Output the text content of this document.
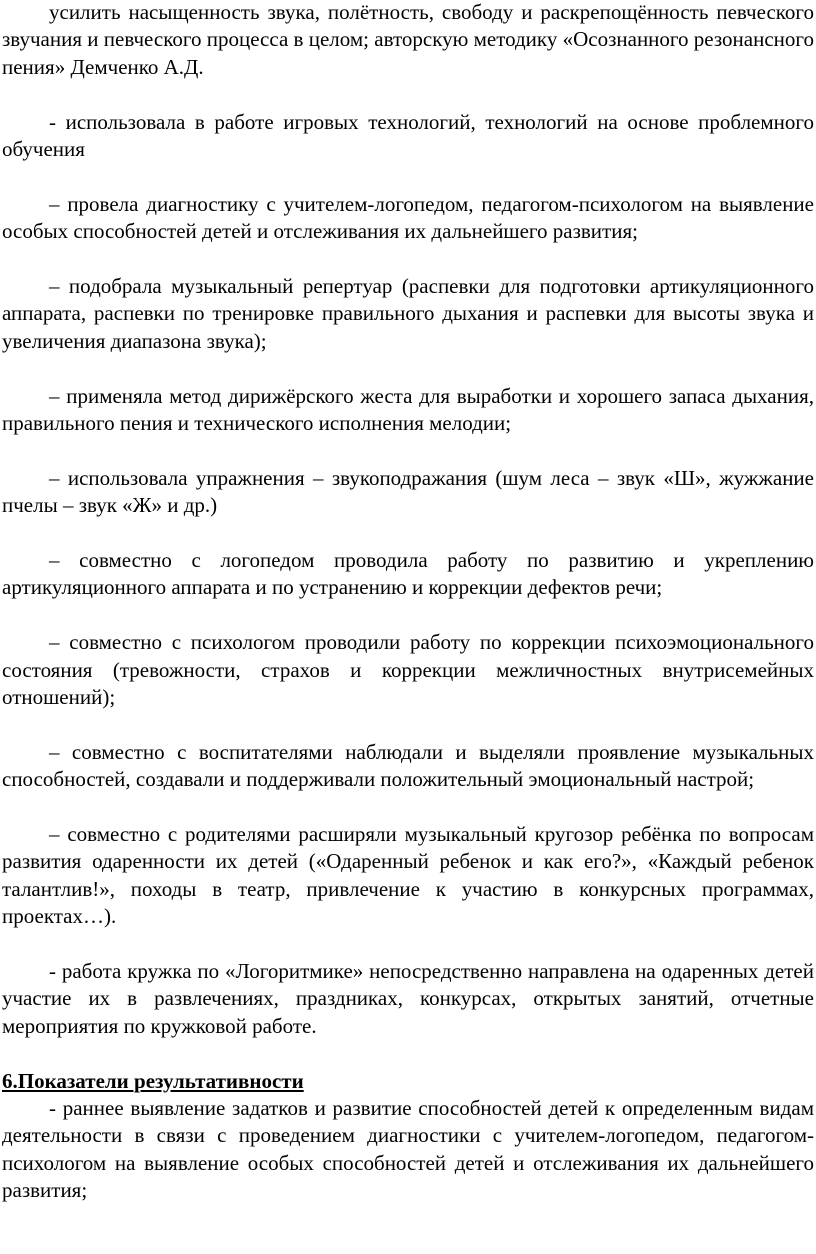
усилить насыщенность звука, полётность, свободу и раскрепощённость певческого звучания и певческого процесса в целом; авторскую методику «Осознанного резонансного пения» Демченко А.Д.

- использовала в работе игровых технологий, технологий на основе проблемного обучения

– провела диагностику с учителем-логопедом, педагогом-психологом на выявление особых способностей детей и отслеживания их дальнейшего развития;

– подобрала музыкальный репертуар (распевки для подготовки артикуляционного аппарата, распевки по тренировке правильного дыхания и распевки для высоты звука и увеличения диапазона звука);

– применяла метод дирижёрского жеста для выработки и хорошего запаса дыхания, правильного пения и технического исполнения мелодии;

– использовала упражнения – звукоподражания (шум леса – звук «Ш», жужжание пчелы – звук «Ж» и др.)

– совместно с логопедом проводила работу по развитию и укреплению артикуляционного аппарата и по устранению и коррекции дефектов речи;

– совместно с психологом проводили работу по коррекции психоэмоционального состояния (тревожности, страхов и коррекции межличностных внутрисемейных отношений);

– совместно с воспитателями наблюдали и выделяли проявление музыкальных способностей, создавали и поддерживали положительный эмоциональный настрой;

– совместно с родителями расширяли музыкальный кругозор ребёнка по вопросам развития одаренности их детей («Одаренный ребенок и как его?», «Каждый ребенок талантлив!», походы в театр, привлечение к участию в конкурсных программах, проектах…).

- работа кружка по «Логоритмике» непосредственно направлена на одаренных детей участие их в развлечениях, праздниках, конкурсах, открытых занятий, отчетные мероприятия по кружковой работе.

6.Показатели результативности

- раннее выявление задатков и развитие способностей детей к определенным видам деятельности в связи с проведением диагностики с учителем-логопедом, педагогом-психологом на выявление особых способностей детей и отслеживания их дальнейшего развития;
